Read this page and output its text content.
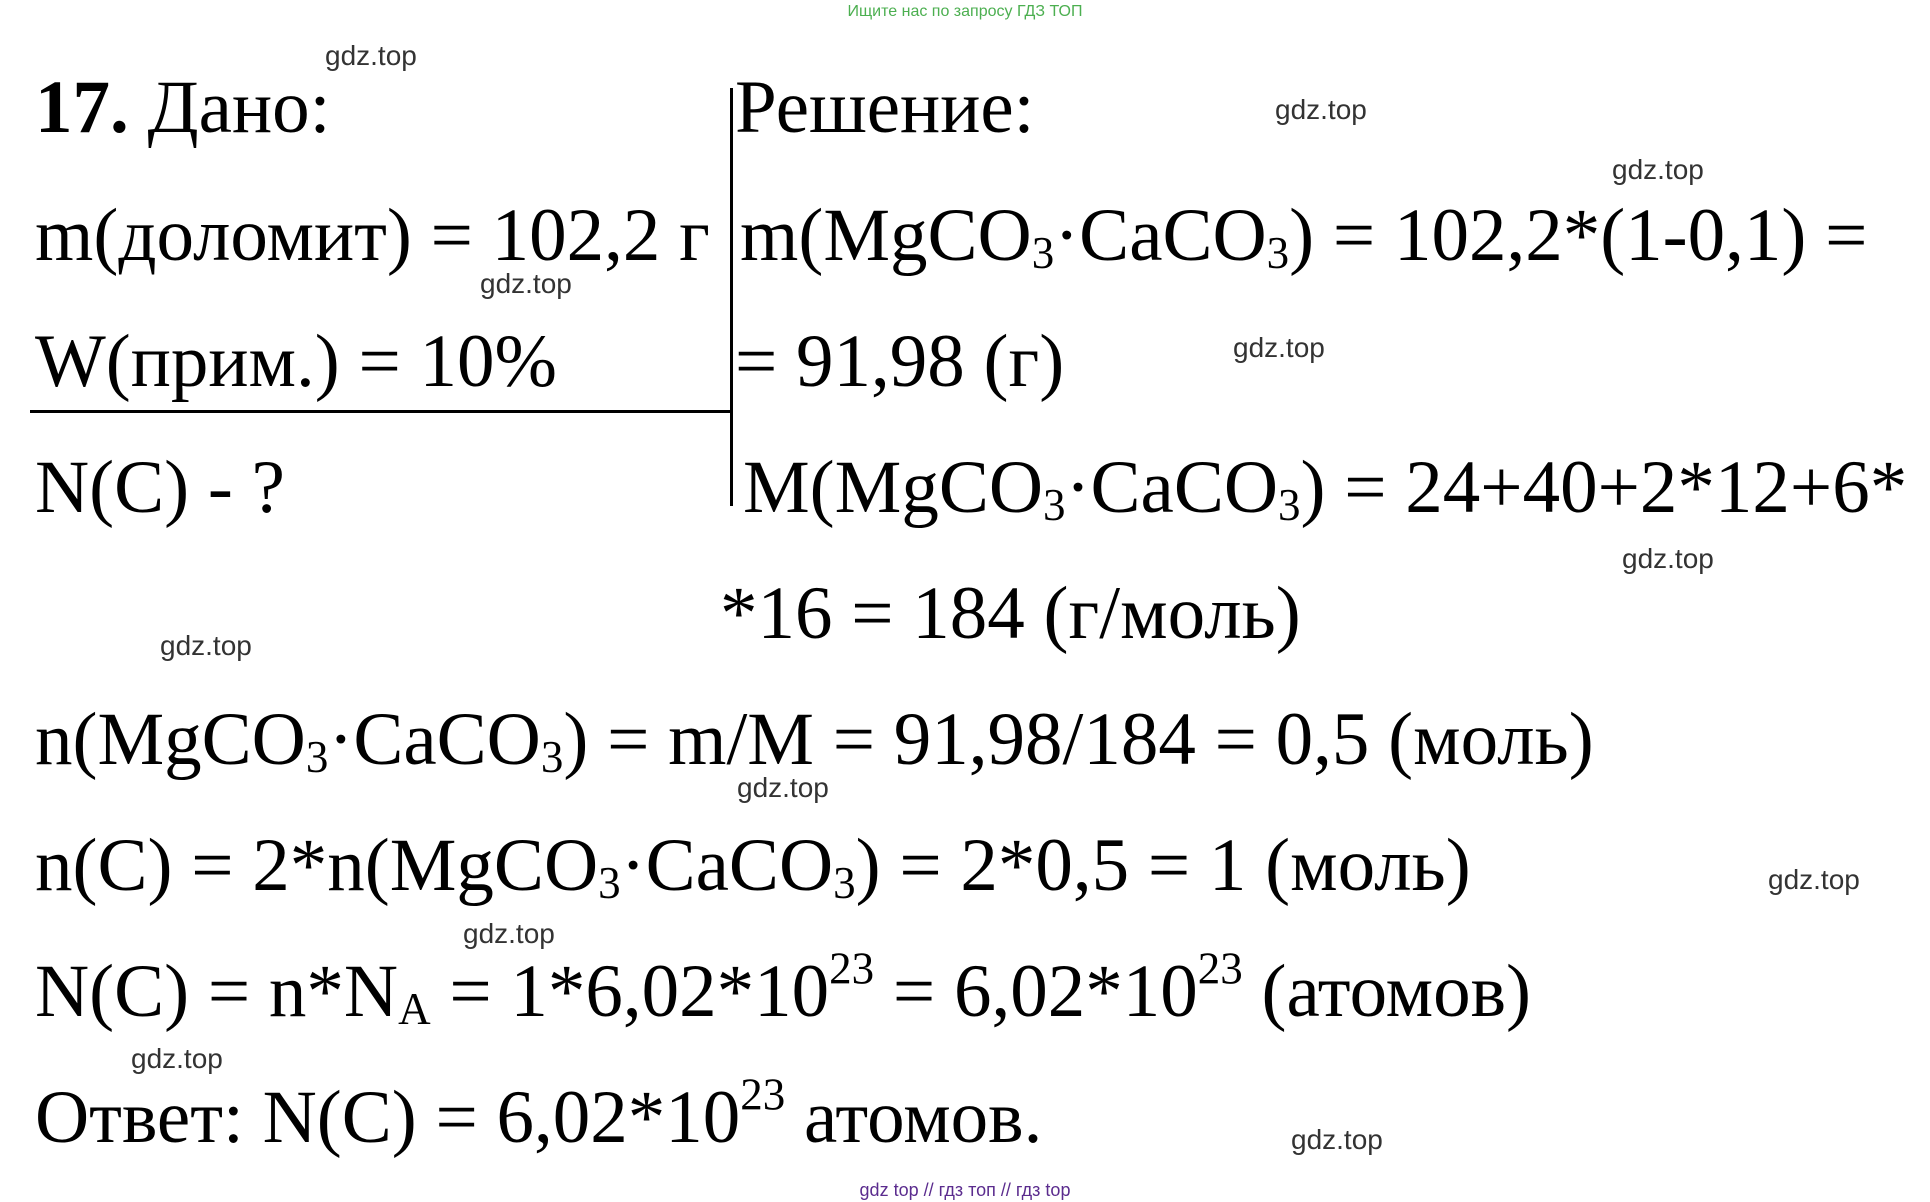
Ищите нас по запросу ГДЗ ТОП
17. Дано:	Решение:
m(доломит) = 102,2 г
W(прим.) = 10%
N(C) - ?
m(MgCO$_3$·CaCO$_3$) = 102,2*(1-0,1) =
= 91,98 (г)
M(MgCO$_3$·CaCO$_3$) = 24+40+2*12+6*
*16 = 184 (г/моль)
n(MgCO$_3$·CaCO$_3$) = m/M = 91,98/184 = 0,5 (моль)
n(C) = 2*n(MgCO$_3$·CaCO$_3$) = 2*0,5 = 1 (моль)
$N(C) = n*N_A = 1*6,02*10^{23} = 6,02*10^{23}$ (атомов)
Ответ: $N(C) = 6,02*10^{23}$ атомов.
gdz.top
gdz.top
gdz.top
gdz.top
gdz.top
gdz.top
gdz.top
gdz.top
gdz.top
gdz.top
gdz.top
gdz.top
gdz top // гдз топ // гдз top
